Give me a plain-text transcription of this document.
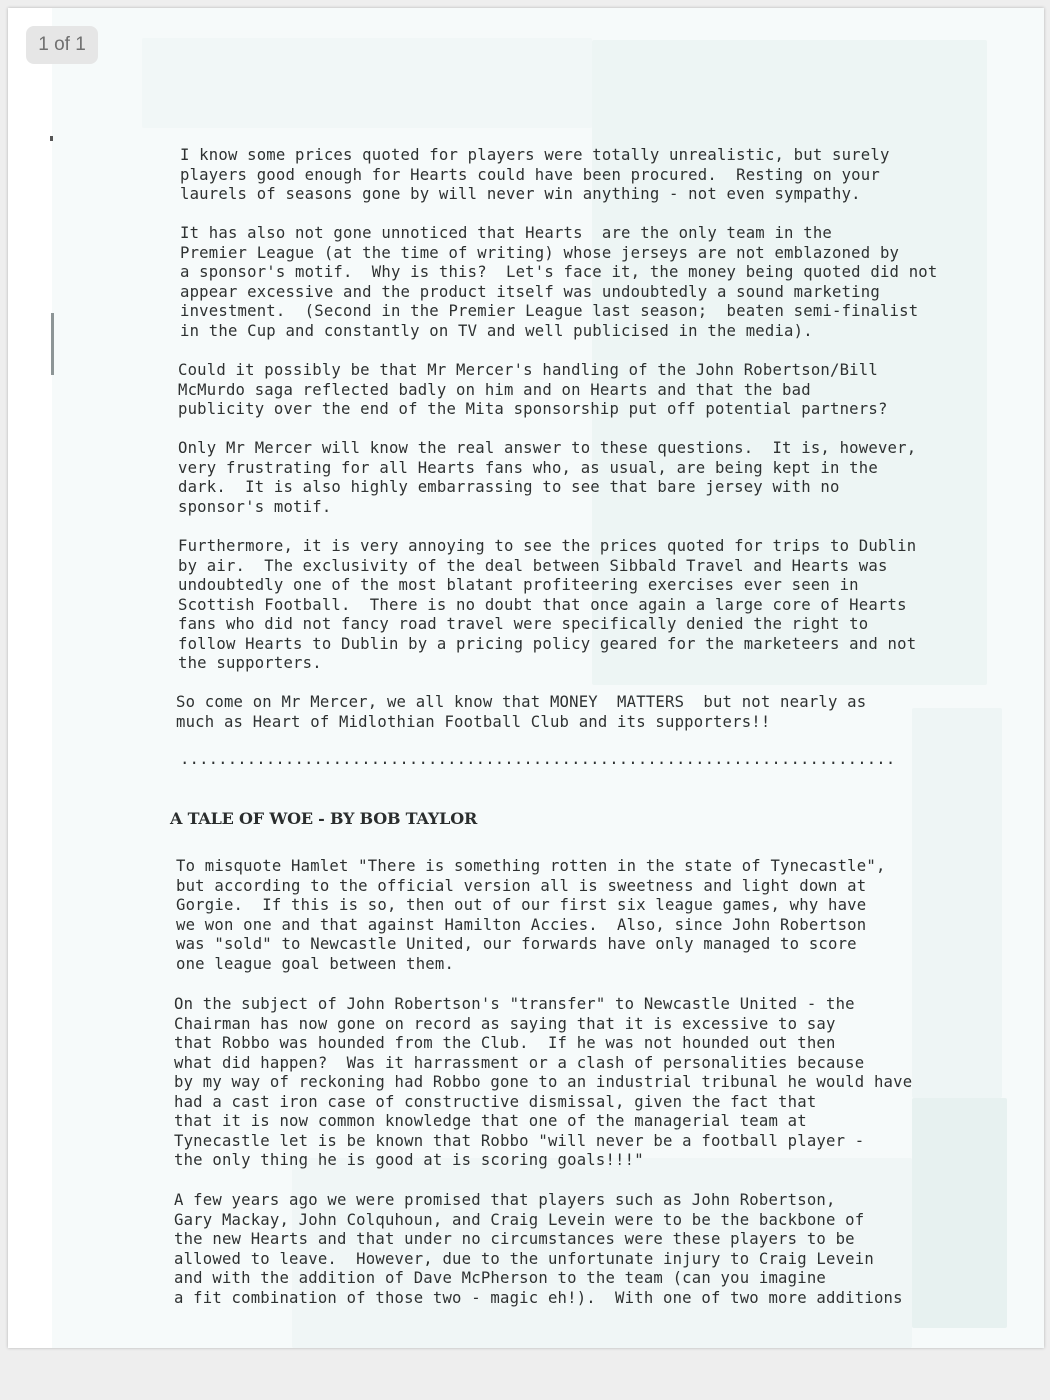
I know some prices quoted for players were totally unrealistic, but surely
players good enough for Hearts could have been procured.  Resting on your
laurels of seasons gone by will never win anything - not even sympathy.

It has also not gone unnoticed that Hearts  are the only team in the
Premier League (at the time of writing) whose jerseys are not emblazoned by
a sponsor's motif.  Why is this?  Let's face it, the money being quoted did not
appear excessive and the product itself was undoubtedly a sound marketing
investment.  (Second in the Premier League last season;  beaten semi-finalist
in the Cup and constantly on TV and well publicised in the media).

Could it possibly be that Mr Mercer's handling of the John Robertson/Bill
McMurdo saga reflected badly on him and on Hearts and that the bad
publicity over the end of the Mita sponsorship put off potential partners?

Only Mr Mercer will know the real answer to these questions.  It is, however,
very frustrating for all Hearts fans who, as usual, are being kept in the
dark.  It is also highly embarrassing to see that bare jersey with no
sponsor's motif.

Furthermore, it is very annoying to see the prices quoted for trips to Dublin
by air.  The exclusivity of the deal between Sibbald Travel and Hearts was
undoubtedly one of the most blatant profiteering exercises ever seen in
Scottish Football.  There is no doubt that once again a large core of Hearts
fans who did not fancy road travel were specifically denied the right to
follow Hearts to Dublin by a pricing policy geared for the marketeers and not
the supporters.

So come on Mr Mercer, we all know that MONEY  MATTERS  but not nearly as
much as Heart of Midlothian Football Club and its supporters!!

...........................................................................

A TALE OF WOE - BY BOB TAYLOR

To misquote Hamlet "There is something rotten in the state of Tynecastle",
but according to the official version all is sweetness and light down at
Gorgie.  If this is so, then out of our first six league games, why have
we won one and that against Hamilton Accies.  Also, since John Robertson
was "sold" to Newcastle United, our forwards have only managed to score
one league goal between them.

On the subject of John Robertson's "transfer" to Newcastle United - the
Chairman has now gone on record as saying that it is excessive to say
that Robbo was hounded from the Club.  If he was not hounded out then
what did happen?  Was it harrassment or a clash of personalities because
by my way of reckoning had Robbo gone to an industrial tribunal he would have
had a cast iron case of constructive dismissal, given the fact that
that it is now common knowledge that one of the managerial team at
Tynecastle let is be known that Robbo "will never be a football player -
the only thing he is good at is scoring goals!!!"

A few years ago we were promised that players such as John Robertson,
Gary Mackay, John Colquhoun, and Craig Levein were to be the backbone of
the new Hearts and that under no circumstances were these players to be
allowed to leave.  However, due to the unfortunate injury to Craig Levein
and with the addition of Dave McPherson to the team (can you imagine
a fit combination of those two - magic eh!).  With one of two more additions

1 of 1
